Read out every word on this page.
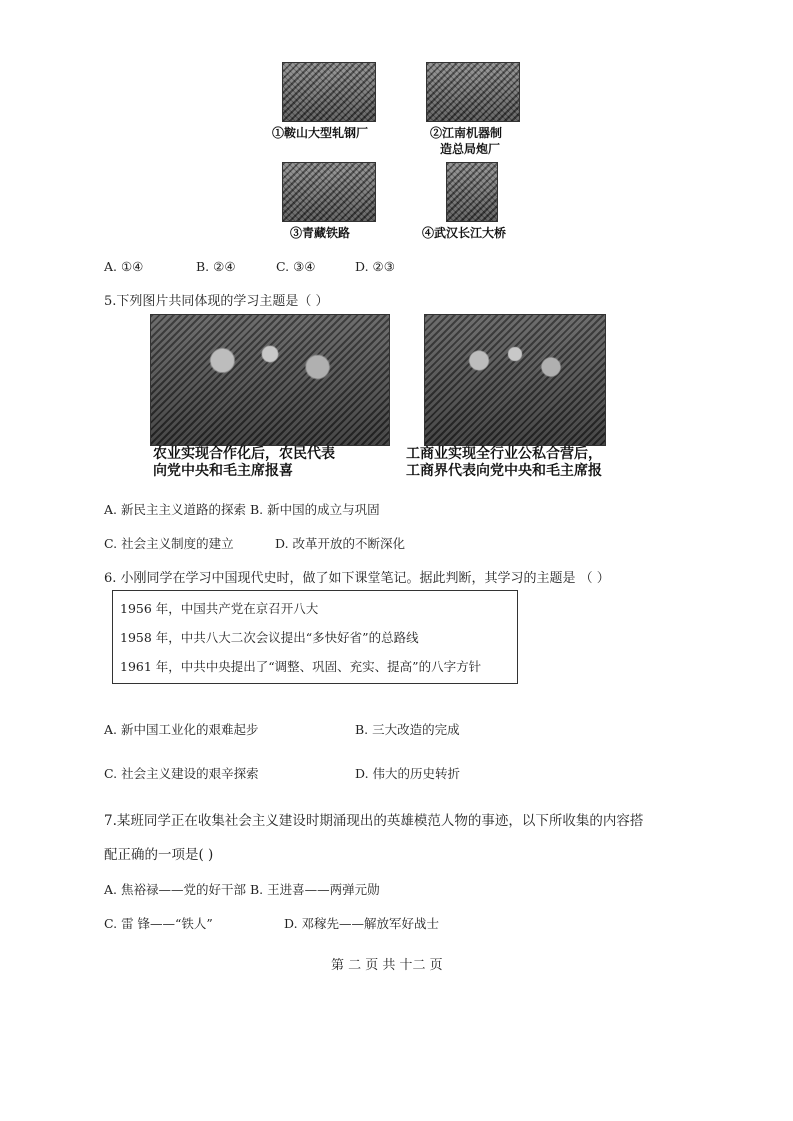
①鞍山大型轧钢厂	②江南机器制
造总局炮厂
③青藏铁路	④武汉长江大桥
A. ①④	B. ②④	C. ③④	D. ②③
5.下列图片共同体现的学习主题是（ ）
农业实现合作化后，农民代表
向党中央和毛主席报喜
工商业实现全行业公私合营后，
工商界代表向党中央和毛主席报
A. 新民主主义道路的探索 B. 新中国的成立与巩固
C. 社会主义制度的建立	D. 改革开放的不断深化
6. 小刚同学在学习中国现代史时，做了如下课堂笔记。据此判断，其学习的主题是 （ ）
1956 年，中国共产党在京召开八大
1958 年，中共八大二次会议提出“多快好省”的总路线
1961 年，中共中央提出了“调整、巩固、充实、提高”的八字方针
A. 新中国工业化的艰难起步	B. 三大改造的完成
C. 社会主义建设的艰辛探索	D. 伟大的历史转折
7.某班同学正在收集社会主义建设时期涌现出的英雄模范人物的事迹，以下所收集的内容搭
配正确的一项是( )
A. 焦裕禄——党的好干部 B. 王进喜——两弹元勋
C. 雷 锋——“铁人”	D. 邓稼先——解放军好战士
第 二 页 共 十二 页
